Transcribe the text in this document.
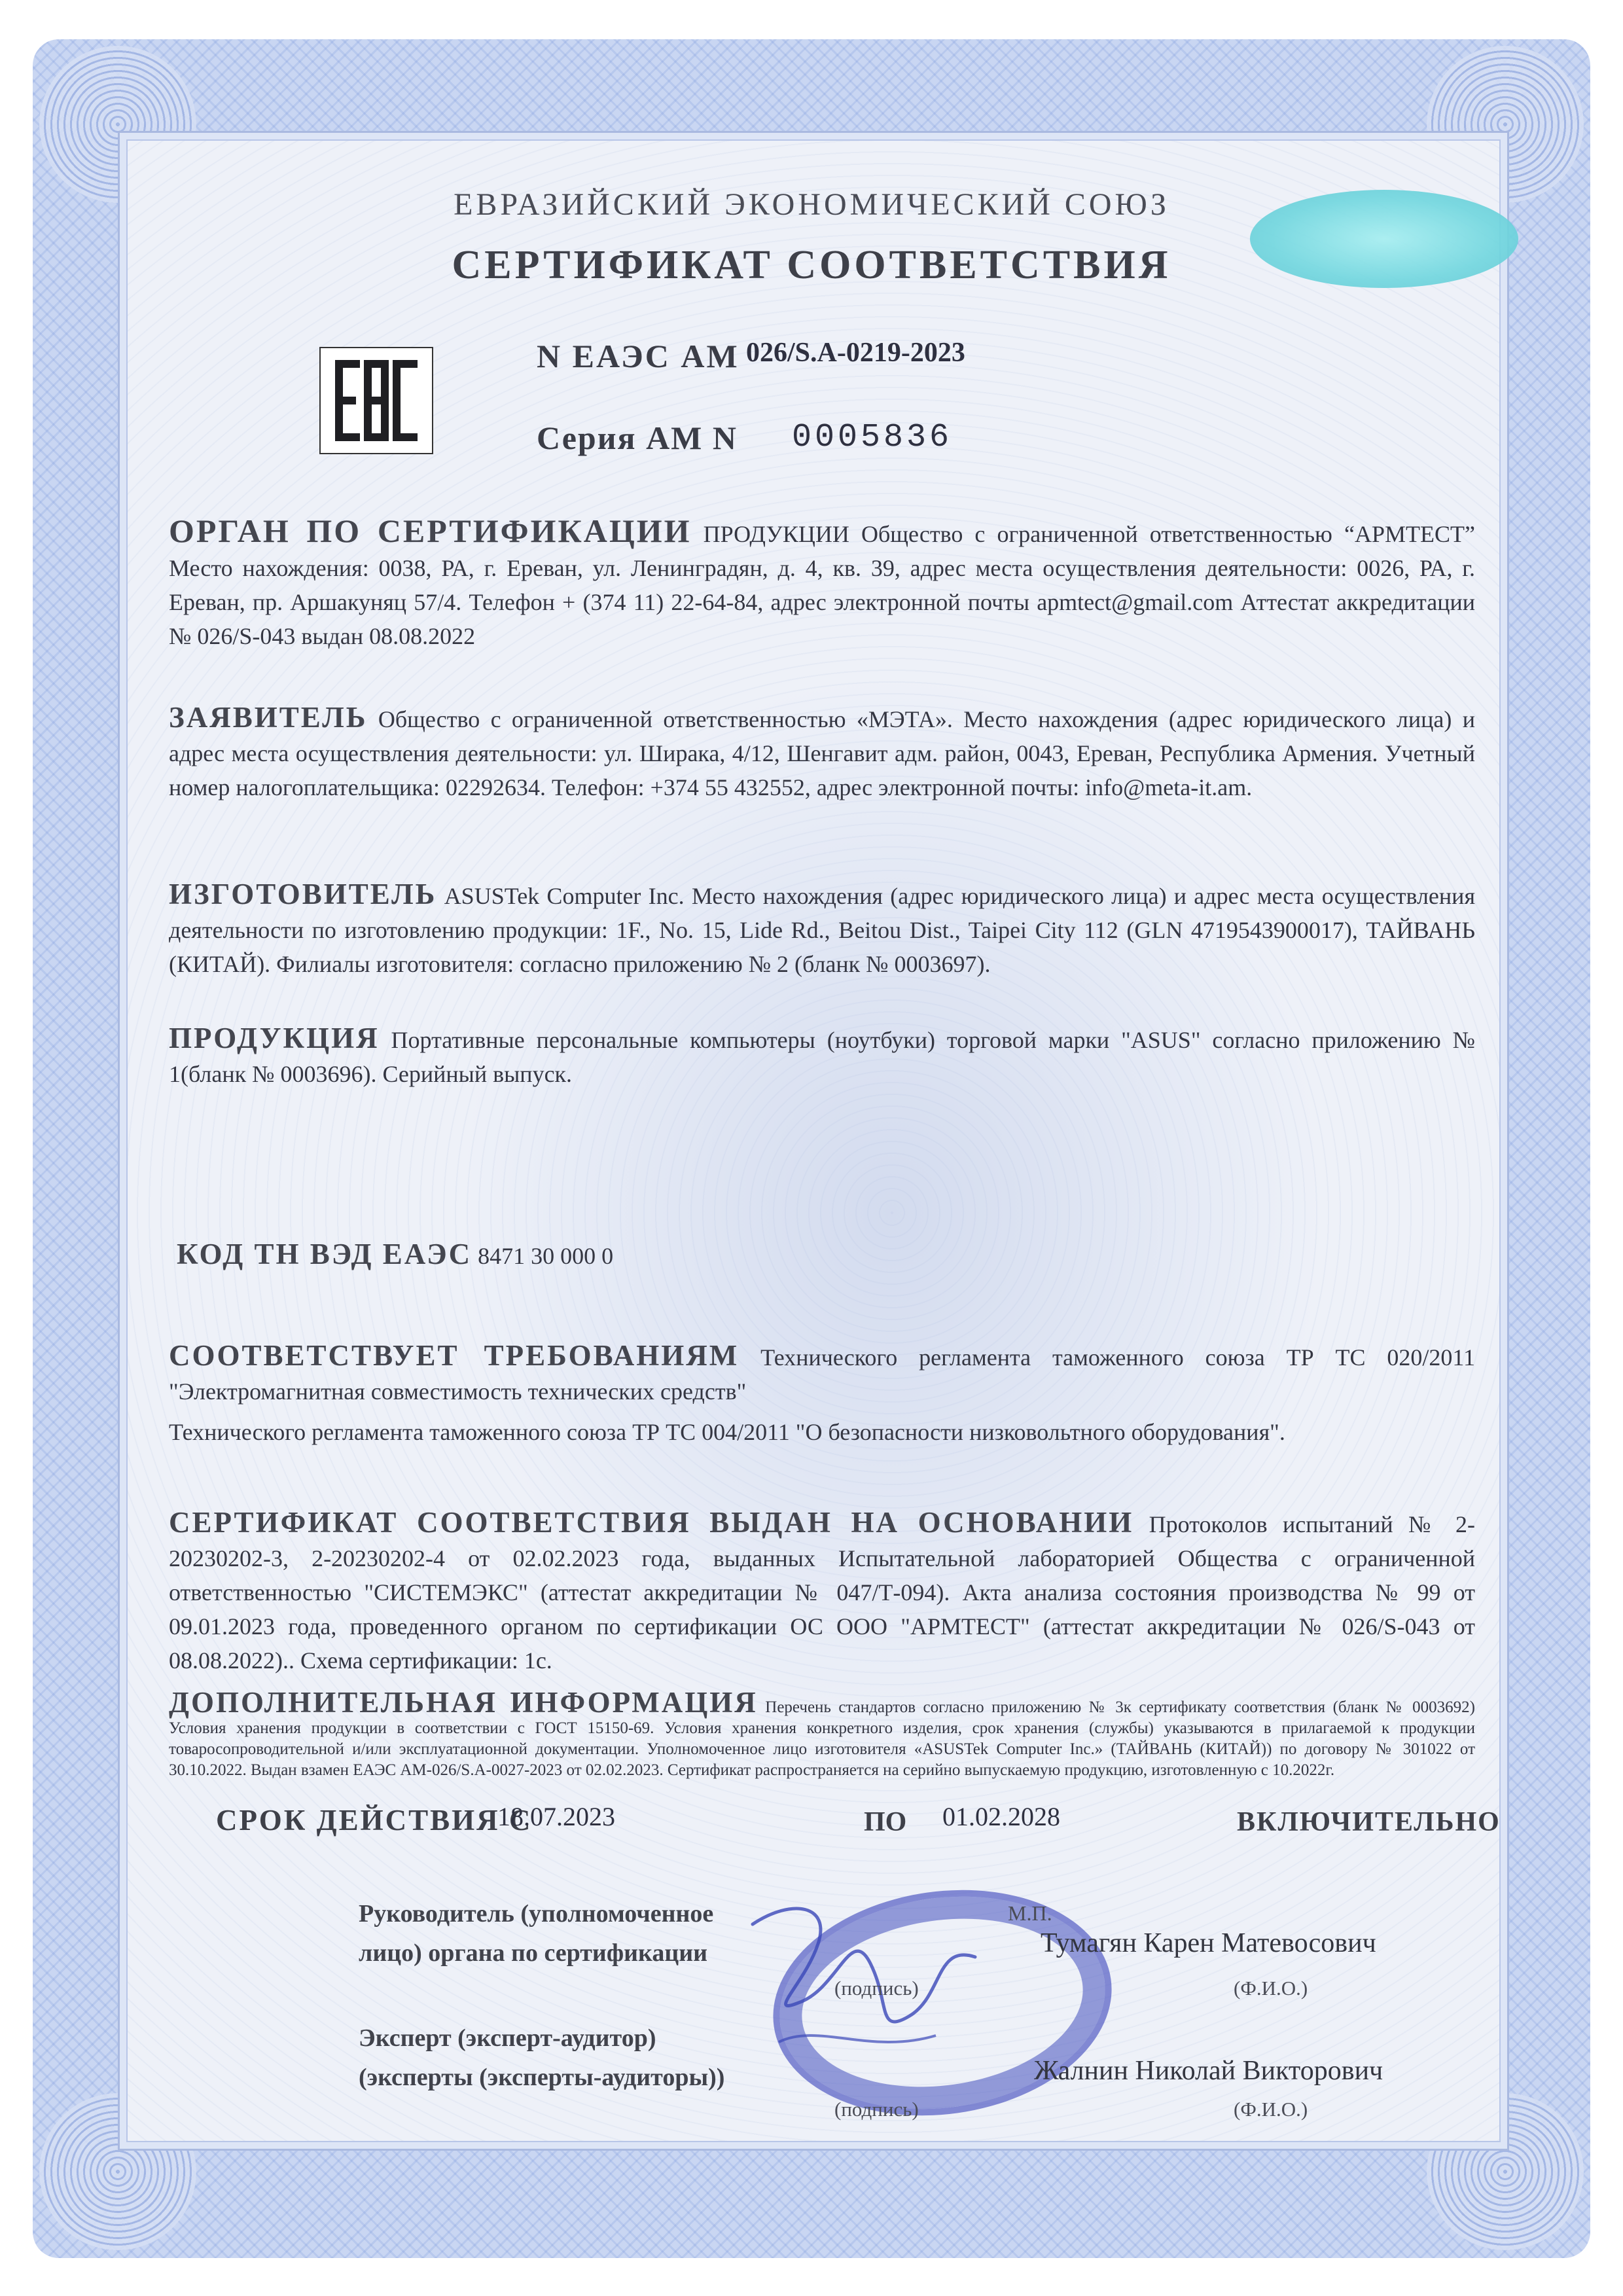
ЕВРАЗИЙСКИЙ ЭКОНОМИЧЕСКИЙ СОЮЗ
СЕРТИФИКАТ СООТВЕТСТВИЯ
N ЕАЭС AM 026/S.A-0219-2023
Серия AM N 0005836
ОРГАН ПО СЕРТИФИКАЦИИ ПРОДУКЦИИ Общество с ограниченной ответственностью “АРМТЕСТ” Место нахождения: 0038, РА, г. Ереван, ул. Ленинградян, д. 4, кв. 39, адрес места осуществления деятельности: 0026, РА, г. Ереван, пр. Аршакуняц 57/4. Телефон + (374 11) 22-64-84, адрес электронной почты apmtect@gmail.com Аттестат аккредитации № 026/S-043 выдан 08.08.2022
ЗАЯВИТЕЛЬ Общество с ограниченной ответственностью «МЭТА». Место нахождения (адрес юридического лица) и адрес места осуществления деятельности: ул. Ширака, 4/12, Шенгавит адм. район, 0043, Ереван, Республика Армения. Учетный номер налогоплательщика: 02292634. Телефон: +374 55 432552, адрес электронной почты: info@meta-it.am.
ИЗГОТОВИТЕЛЬ ASUSTek Computer Inc. Место нахождения (адрес юридического лица) и адрес места осуществления деятельности по изготовлению продукции: 1F., No. 15, Lide Rd., Beitou Dist., Taipei City 112 (GLN 4719543900017), ТАЙВАНЬ (КИТАЙ). Филиалы изготовителя: согласно приложению № 2 (бланк № 0003697).
ПРОДУКЦИЯ Портативные персональные компьютеры (ноутбуки) торговой марки "ASUS" согласно приложению № 1(бланк № 0003696). Серийный выпуск.
КОД ТН ВЭД ЕАЭС 8471 30 000 0
СООТВЕТСТВУЕТ ТРЕБОВАНИЯМ Технического регламента таможенного союза ТР ТС 020/2011 "Электромагнитная совместимость технических средств"
Технического регламента таможенного союза ТР ТС 004/2011 "О безопасности низковольтного оборудования".
СЕРТИФИКАТ СООТВЕТСТВИЯ ВЫДАН НА ОСНОВАНИИ Протоколов испытаний № 2-20230202-3, 2-20230202-4 от 02.02.2023 года, выданных Испытательной лабораторией Общества с ограниченной ответственностью "СИСТЕМЭКС" (аттестат аккредитации № 047/Т-094). Акта анализа состояния производства № 99 от 09.01.2023 года, проведенного органом по сертификации ОС ООО "АРМТЕСТ" (аттестат аккредитации № 026/S-043 от 08.08.2022).. Схема сертификации: 1с.
ДОПОЛНИТЕЛЬНАЯ ИНФОРМАЦИЯ Перечень стандартов согласно приложению № 3к сертификату соответствия (бланк № 0003692) Условия хранения продукции в соответствии с ГОСТ 15150-69. Условия хранения конкретного изделия, срок хранения (службы) указываются в прилагаемой к продукции товаросопроводительной и/или эксплуатационной документации. Уполномоченное лицо изготовителя «ASUSTek Computer Inc.» (ТАЙВАНЬ (КИТАЙ)) по договору № 301022 от 30.10.2022. Выдан взамен ЕАЭС АМ-026/S.A-0027-2023 от 02.02.2023. Сертификат распространяется на серийно выпускаемую продукцию, изготовленную с 10.2022г.
СРОК ДЕЙСТВИЯ С
18.07.2023	ПО 01.02.2028	ВКЛЮЧИТЕЛЬНО
Руководитель (уполномоченное
лицо) органа по сертификации
М.П.
Тумагян Карен Матевосович
(подпись)	(Ф.И.О.)
Эксперт (эксперт-аудитор)
(эксперты (эксперты-аудиторы))	Жалнин Николай Викторович
(подпись)	(Ф.И.О.)
